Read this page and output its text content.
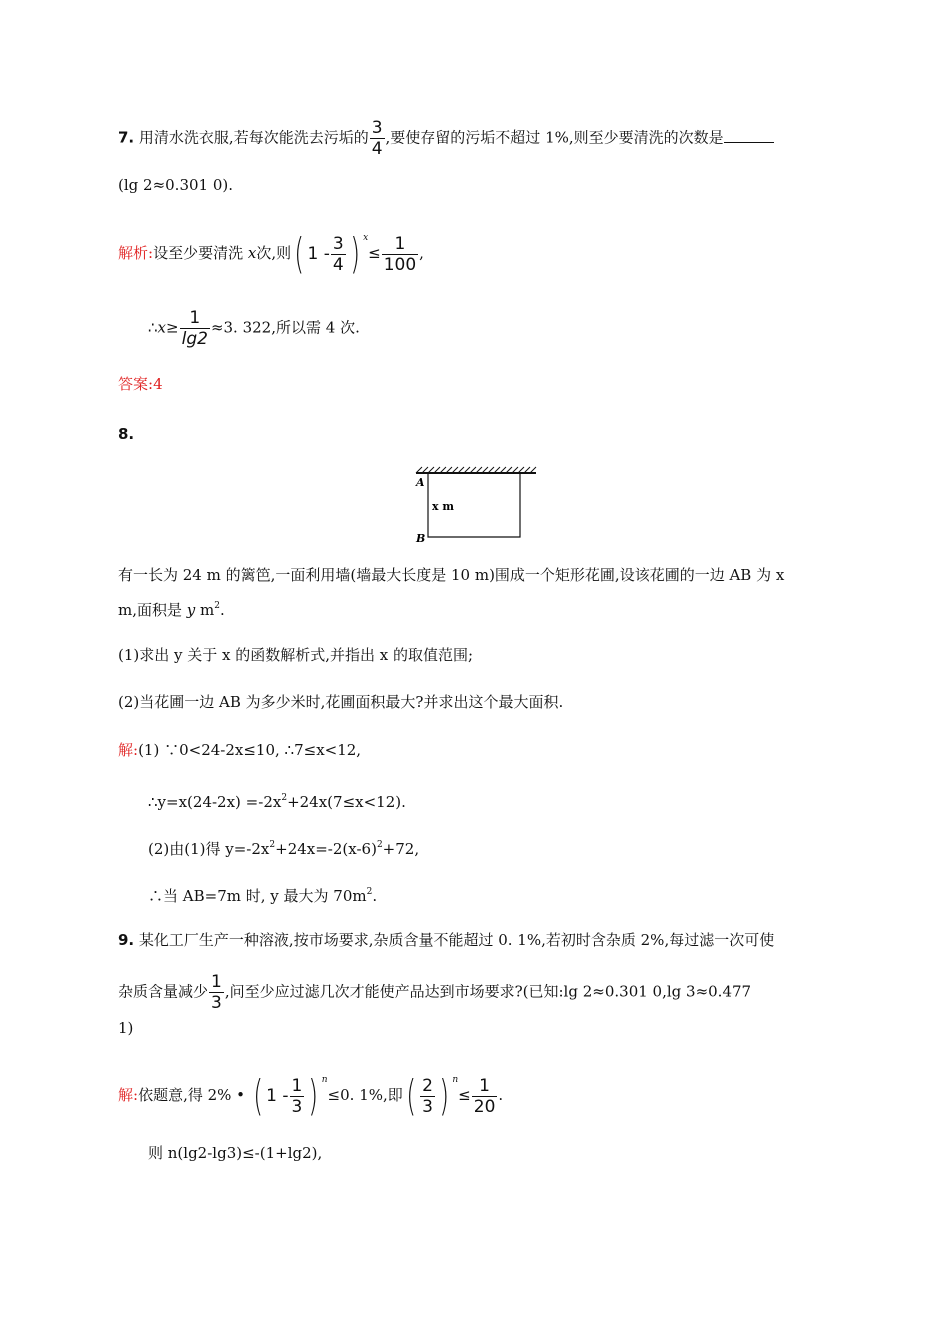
7. 用清水洗衣服,若每次能洗去污垢的 $\frac{3}{4}$ ,要使存留的污垢不超过 1%,则至少要清洗的次数是
(lg 2≈0.301 0).
解析:设至少要清洗 x次,则( $1 - \frac{3}{4}$ ) $^x\le \frac{1}{100}$ ,
∴x≥ $\frac{1}{\lg 2} \approx 3$. 322,所以需 4 次.
答案:4
8.
A
B
x m
有一长为 24 m 的篱笆,一面利用墙(墙最大长度是 10 m)围成一个矩形花圃,设该花圃的一边 AB 为 x
m,面积是 y $m^2$.
(1)求出 y 关于 x 的函数解析式,并指出 x 的取值范围;
(2)当花圃一边 AB 为多少米时,花圃面积最大?并求出这个最大面积.
解:(1) ∵0<24-2x≤10, ∴7≤x<12,
∴y=x(24-2x) $=-2x^2+24x(7\le x<12)$.
(2)由(1)得 $y=-2x^2+24x=-2(x-6)^2+72$,
∴当 AB=7m 时, y 最大为 $70m^2$.
9. 某化工厂生产一种溶液,按市场要求,杂质含量不能超过 0. 1%,若初时含杂质 2%,每过滤一次可使
杂质含量减少 $\frac{1}{3}$ ,问至少应过滤几次才能使产品达到市场要求?(已知:lg 2≈0.301 0,lg 3≈0.477
1)
解:依题意,得 2% • ( $1 - \frac{1}{3}$ ) $^n$≤0. 1%,即( $\frac{2}{3}$ ) $^n\le \frac{1}{20}$ .
则 n(lg2-lg3)≤-(1+lg2),
